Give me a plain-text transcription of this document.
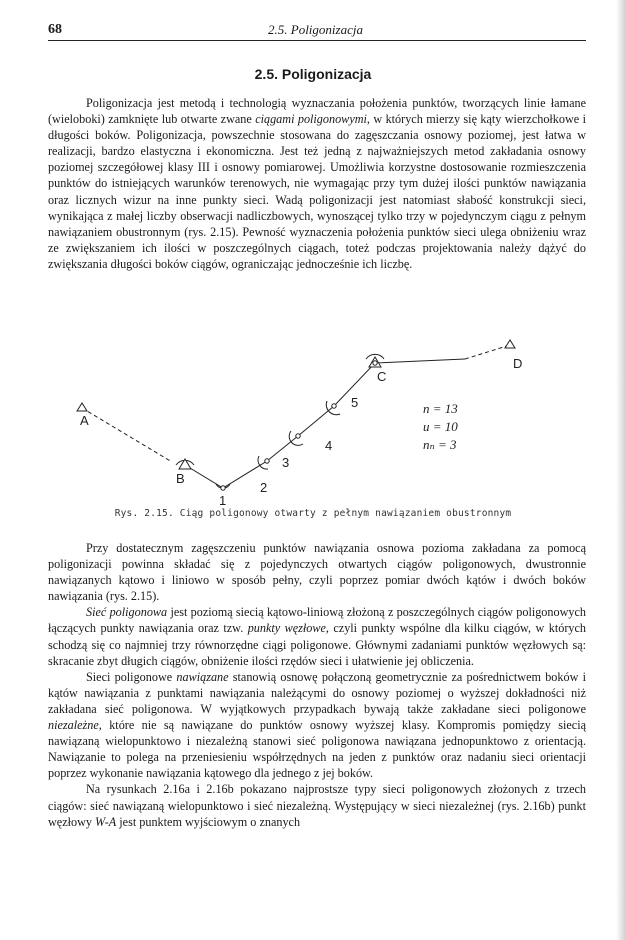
68	2.5. Poligonizacja
2.5. Poligonizacja

Poligonizacja jest metodą i technologią wyznaczania położenia punktów, tworzących linie łamane (wieloboki) zamknięte lub otwarte zwane ciągami poligonowymi, w których mierzy się kąty wierzchołkowe i długości boków. Poligonizacja, powszechnie stosowana do zagęszczania osnowy poziomej, jest łatwa w realizacji, bardzo elastyczna i ekonomiczna. Jest też jedną z najważniejszych metod zakładania osnowy poziomej szczegółowej klasy III i osnowy pomiarowej. Umożliwia korzystne dostosowanie rozmieszczenia punktów do istniejących warunków terenowych, nie wymagając przy tym dużej ilości punktów nawiązania oraz licznych wizur na inne punkty sieci. Wadą poligonizacji jest natomiast słabość konstrukcji sieci, wynikająca z małej liczby obserwacji nadliczbowych, wynoszącej tylko trzy w pojedynczym ciągu z pełnym nawiązaniem obustronnym (rys. 2.15). Pewność wyznaczenia położenia punktów sieci ulega obniżeniu wraz ze zwiększaniem ich ilości w poszczególnych ciągach, toteż podczas projektowania należy dążyć do zwiększania długości boków ciągów, ograniczając jednocześnie ich liczbę.

A
B
1
2
3
4
5
C
D
n = 13
u = 10
nₙ = 3
Rys. 2.15. Ciąg poligonowy otwarty z pełnym nawiązaniem obustronnym

Przy dostatecznym zagęszczeniu punktów nawiązania osnowa pozioma zakładana za pomocą poligonizacji powinna składać się z pojedynczych otwartych ciągów poligonowych, dwustronnie nawiązanych kątowo i liniowo w sposób pełny, czyli poprzez pomiar dwóch kątów i dwóch boków nawiązania (rys. 2.15).

Sieć poligonowa jest poziomą siecią kątowo-liniową złożoną z poszczególnych ciągów poligonowych łączących punkty nawiązania oraz tzw. punkty węzłowe, czyli punkty wspólne dla kilku ciągów, w których schodzą się co najmniej trzy równorzędne ciągi poligonowe. Głównymi zadaniami punktów węzłowych są: skracanie zbyt długich ciągów, obniżenie ilości rzędów sieci i ułatwienie jej obliczenia.

Sieci poligonowe nawiązane stanowią osnowę połączoną geometrycznie za pośrednictwem boków i kątów nawiązania z punktami nawiązania należącymi do osnowy poziomej o wyższej dokładności niż zakładana sieć poligonowa. W wyjątkowych przypadkach bywają także zakładane sieci poligonowe niezależne, które nie są nawiązane do punktów osnowy wyższej klasy. Kompromis pomiędzy siecią nawiązaną wielopunktowo i niezależną stanowi sieć poligonowa nawiązana jednopunktowo z orientacją. Nawiązanie to polega na przeniesieniu współrzędnych na jeden z punktów oraz nadaniu sieci orientacji poprzez wykonanie nawiązania kątowego dla jednego z jej boków.

Na rysunkach 2.16a i 2.16b pokazano najprostsze typy sieci poligonowych złożonych z trzech ciągów: sieć nawiązaną wielopunktowo i sieć niezależną. Występujący w sieci niezależnej (rys. 2.16b) punkt węzłowy W-A jest punktem wyjściowym o znanych
